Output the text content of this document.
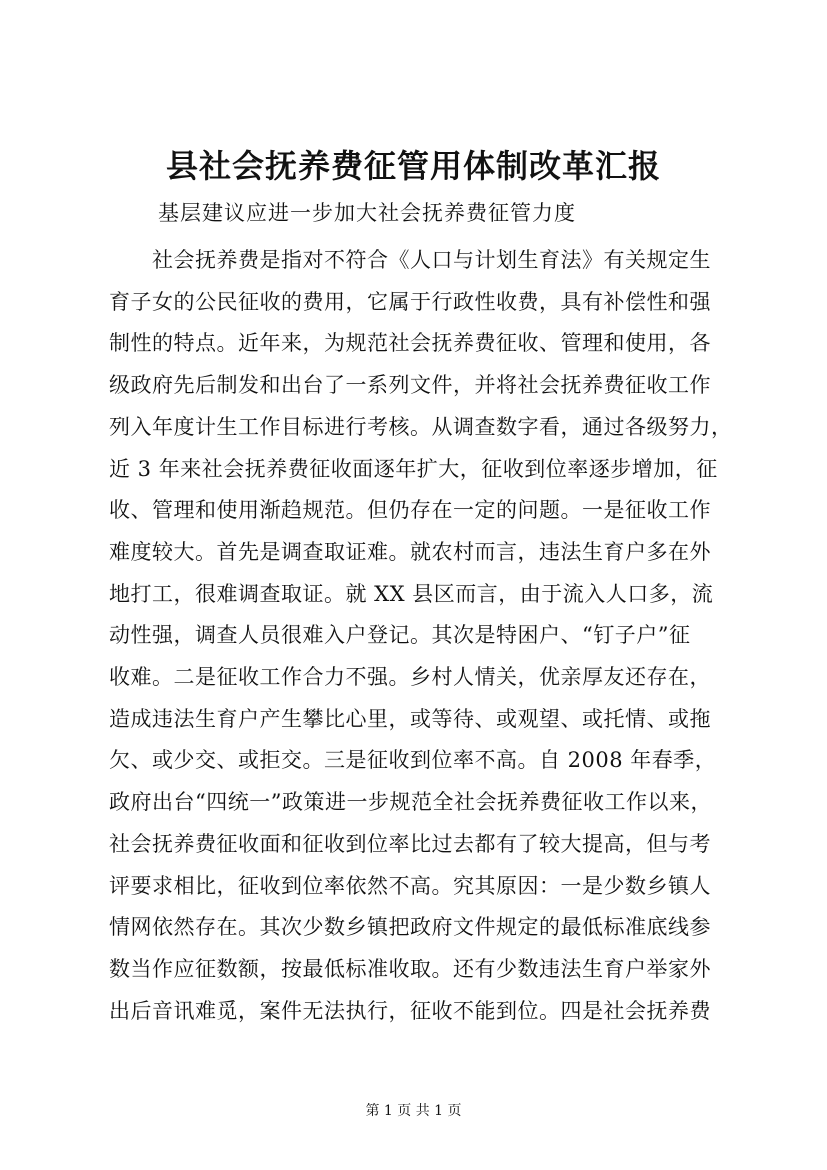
县社会抚养费征管用体制改革汇报

基层建议应进一步加大社会抚养费征管力度

　　社会抚养费是指对不符合《人口与计划生育法》有关规定生

育子女的公民征收的费用，它属于行政性收费，具有补偿性和强

制性的特点。近年来，为规范社会抚养费征收、管理和使用，各

级政府先后制发和出台了一系列文件，并将社会抚养费征收工作

列入年度计生工作目标进行考核。从调查数字看，通过各级努力，

近 3 年来社会抚养费征收面逐年扩大，征收到位率逐步增加，征

收、管理和使用渐趋规范。但仍存在一定的问题。一是征收工作

难度较大。首先是调查取证难。就农村而言，违法生育户多在外

地打工，很难调查取证。就 XX 县区而言，由于流入人口多，流

动性强，调查人员很难入户登记。其次是特困户、“钉子户”征

收难。二是征收工作合力不强。乡村人情关，优亲厚友还存在，

造成违法生育户产生攀比心里，或等待、或观望、或托情、或拖

欠、或少交、或拒交。三是征收到位率不高。自 2008 年春季，

政府出台“四统一”政策进一步规范全社会抚养费征收工作以来，

社会抚养费征收面和征收到位率比过去都有了较大提高，但与考

评要求相比，征收到位率依然不高。究其原因：一是少数乡镇人

情网依然存在。其次少数乡镇把政府文件规定的最低标准底线参

数当作应征数额，按最低标准收取。还有少数违法生育户举家外

出后音讯难觅，案件无法执行，征收不能到位。四是社会抚养费

第 1 页 共 1 页
